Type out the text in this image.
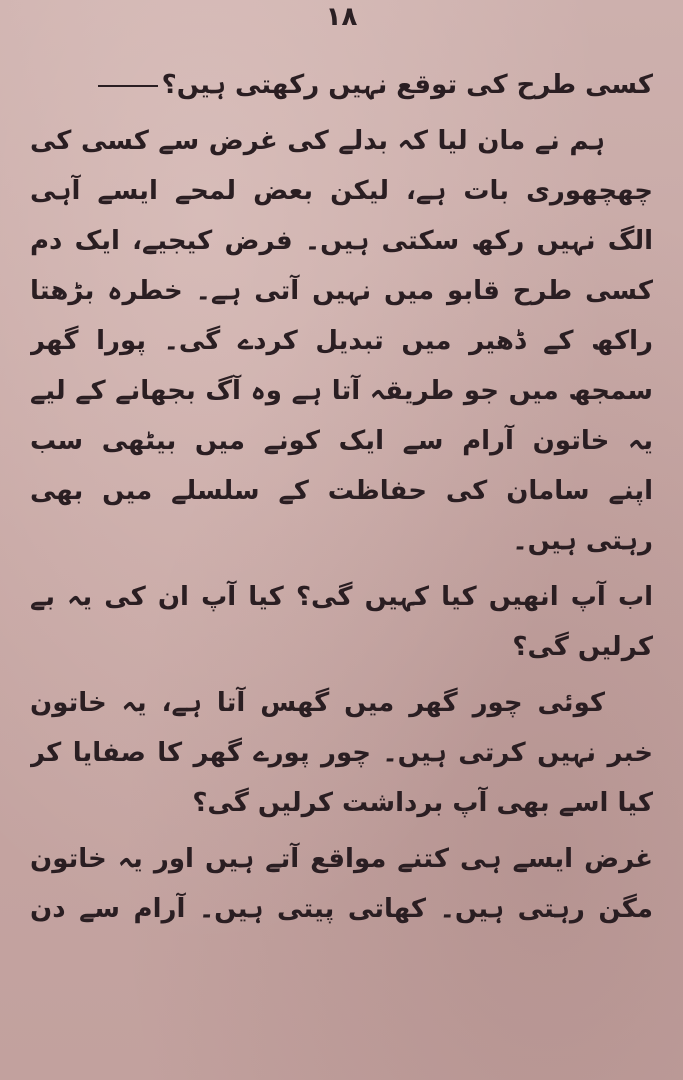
۱۸
کسی طرح کی توقع نہیں رکھتی ہیں؟
ہم نے مان لیا کہ بدلے کی غرض سے کسی کی
چھچھوری بات ہے، لیکن بعض لمحے ایسے آہی
الگ نہیں رکھ سکتی ہیں۔ فرض کیجیے، ایک دم
کسی طرح قابو میں نہیں آتی ہے۔ خطرہ بڑھتا
راکھ کے ڈھیر میں تبدیل کردے گی۔ پورا گھر
سمجھ میں جو طریقہ آتا ہے وہ آگ بجھانے کے لیے
یہ خاتون آرام سے ایک کونے میں بیٹھی سب
اپنے سامان کی حفاظت کے سلسلے میں بھی
رہتی ہیں۔
اب آپ انھیں کیا کہیں گی؟ کیا آپ ان کی یہ بے
کرلیں گی؟
کوئی چور گھر میں گھس آتا ہے، یہ خاتون
خبر نہیں کرتی ہیں۔ چور پورے گھر کا صفایا کر
کیا اسے بھی آپ برداشت کرلیں گی؟
غرض ایسے ہی کتنے مواقع آتے ہیں اور یہ خاتون
مگن رہتی ہیں۔ کھاتی پیتی ہیں۔ آرام سے دن
